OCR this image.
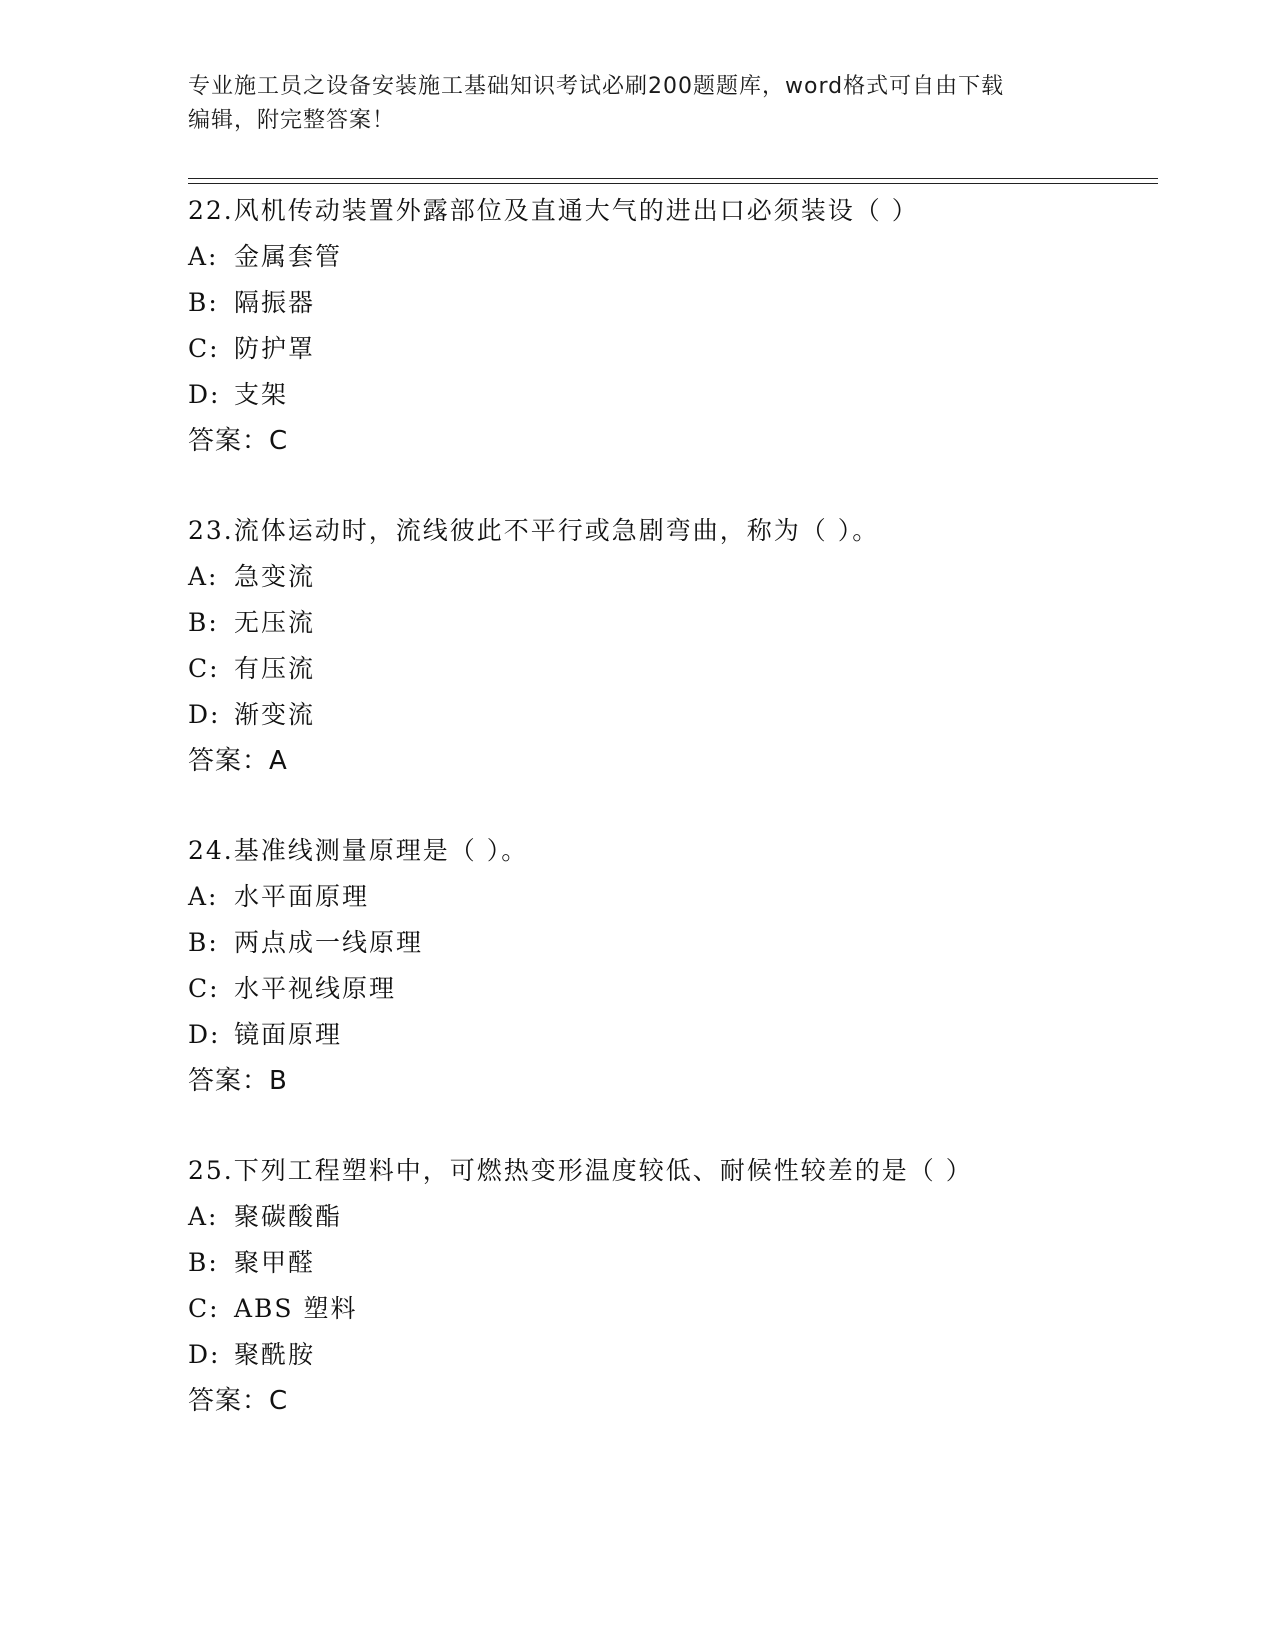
专业施工员之设备安装施工基础知识考试必刷200题题库，word格式可自由下载
编辑，附完整答案！
22.风机传动装置外露部位及直通大气的进出口必须装设（ ）
A: 金属套管
B: 隔振器
C: 防护罩
D: 支架
答案：C
23.流体运动时，流线彼此不平行或急剧弯曲，称为（ ）。
A: 急变流
B: 无压流
C: 有压流
D: 渐变流
答案：A
24.基准线测量原理是（ ）。
A: 水平面原理
B: 两点成一线原理
C: 水平视线原理
D: 镜面原理
答案：B
25.下列工程塑料中，可燃热变形温度较低、耐候性较差的是（ ）
A: 聚碳酸酯
B: 聚甲醛
C: ABS 塑料
D: 聚酰胺
答案：C
